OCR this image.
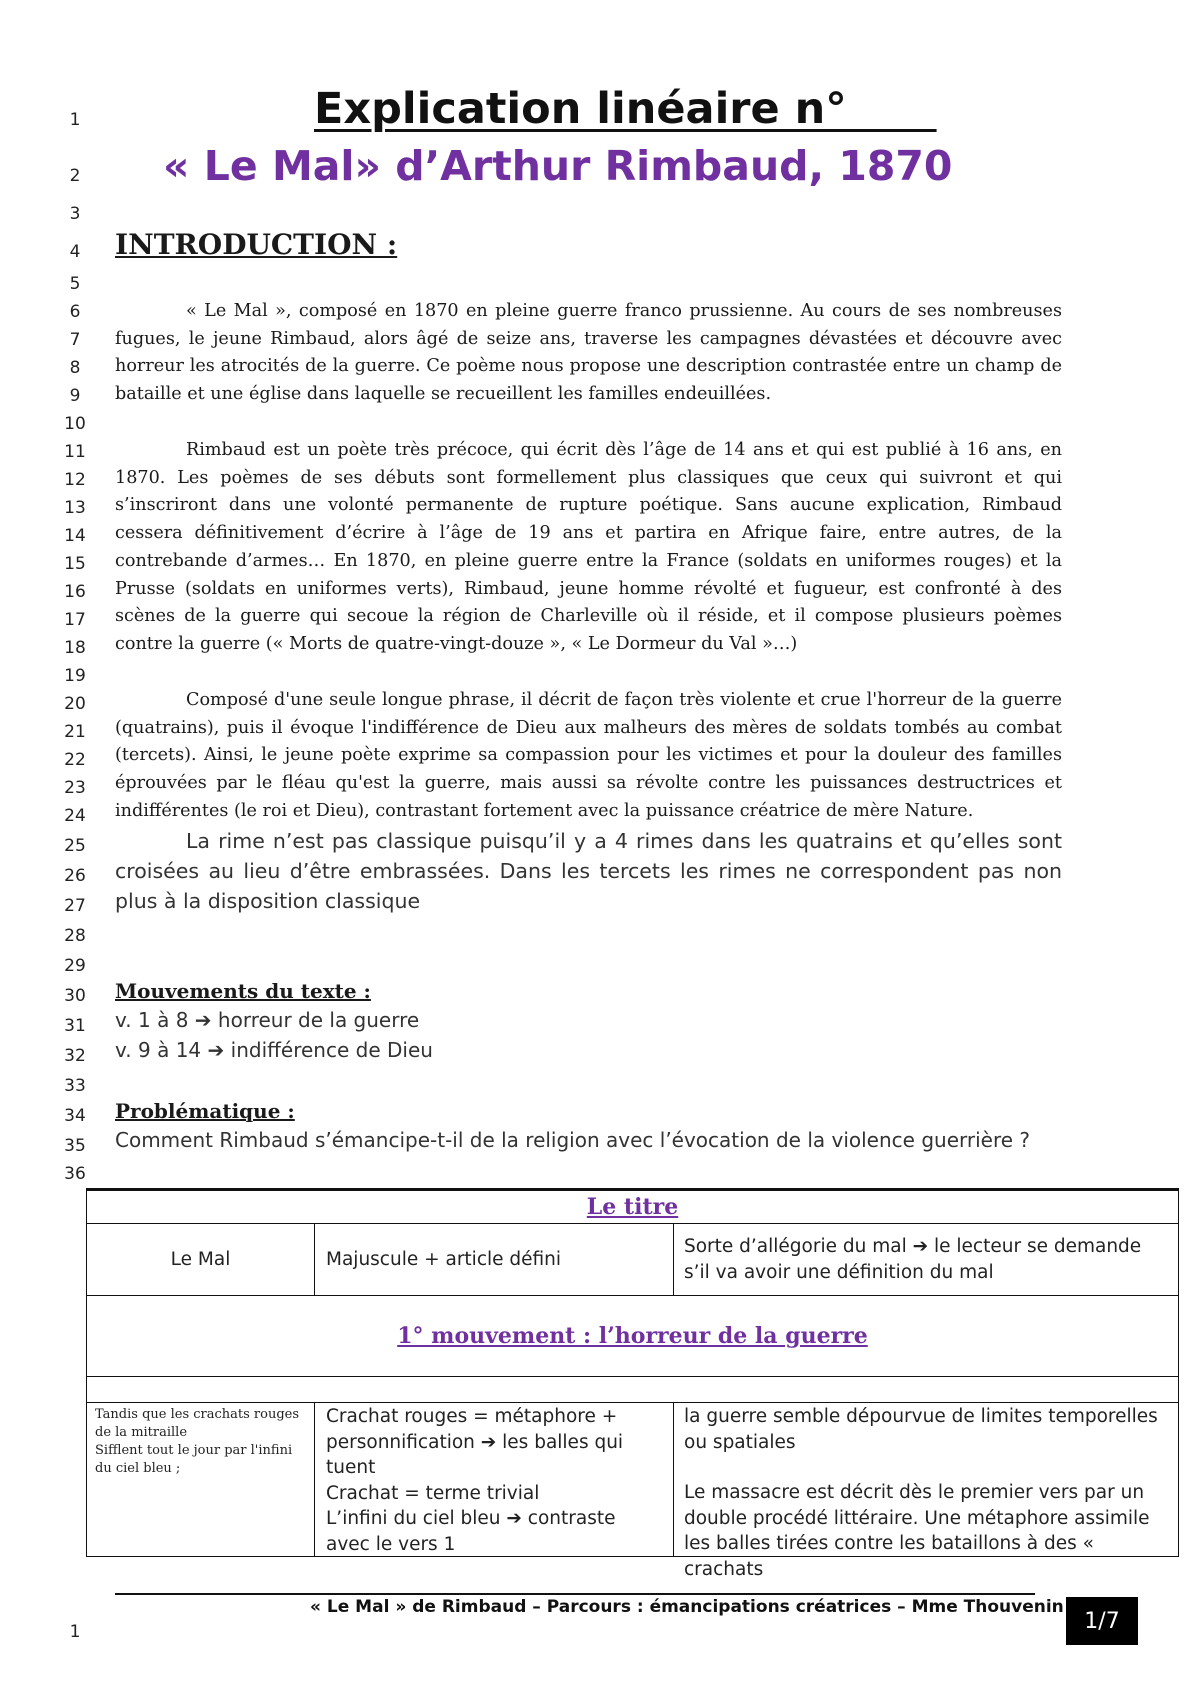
1
2
3
4
5
6
7
8
9
10
11
12
13
14
15
16
17
18
19
20
21
22
23
24
25
26
27
28
29
30
31
32
33
34
35
36
1
Explication linéaire n°
« Le Mal» d’Arthur Rimbaud, 1870
INTRODUCTION :

« Le Mal », composé en 1870 en pleine guerre franco prussienne. Au cours de ses nombreuses fugues, le jeune Rimbaud, alors âgé de seize ans, traverse les campagnes dévastées et découvre avec horreur les atrocités de la guerre. Ce poème nous propose une description contrastée entre un champ de bataille et une église dans laquelle se recueillent les familles endeuillées.

Rimbaud est un poète très précoce, qui écrit dès l’âge de 14 ans et qui est publié à 16 ans, en 1870. Les poèmes de ses débuts sont formellement plus classiques que ceux qui suivront et qui s’inscriront dans une volonté permanente de rupture poétique. Sans aucune explication, Rimbaud cessera définitivement d’écrire à l’âge de 19 ans et partira en Afrique faire, entre autres, de la contrebande d’armes… En 1870, en pleine guerre entre la France (soldats en uniformes rouges) et la Prusse (soldats en uniformes verts), Rimbaud, jeune homme révolté et fugueur, est confronté à des scènes de la guerre qui secoue la région de Charleville où il réside, et il compose plusieurs poèmes contre la guerre (« Morts de quatre-vingt-douze », « Le Dormeur du Val »…)

Composé d'une seule longue phrase, il décrit de façon très violente et crue l'horreur de la guerre (quatrains), puis il évoque l'indifférence de Dieu aux malheurs des mères de soldats tombés au combat (tercets). Ainsi, le jeune poète exprime sa compassion pour les victimes et pour la douleur des familles éprouvées par le fléau qu'est la guerre, mais aussi sa révolte contre les puissances destructrices et indifférentes (le roi et Dieu), contrastant fortement avec la puissance créatrice de mère Nature.

La rime n’est pas classique puisqu’il y a 4 rimes dans les quatrains et qu’elles sont croisées au lieu d’être embrassées. Dans les tercets les rimes ne correspondent pas non plus à la disposition classique

Mouvements du texte :
v. 1 à 8 ➔ horreur de la guerre
v. 9 à 14 ➔ indifférence de Dieu
Problématique :
Comment Rimbaud s’émancipe-t-il de la religion avec l’évocation de la violence guerrière ?
Le titre
Le Mal	Majuscule + article défini
Sorte d’allégorie du mal ➔ le lecteur se demande s’il va avoir une définition du mal
1° mouvement : l’horreur de la guerre
Tandis que les crachats rouges
de la mitraille
Sifflent tout le jour par l'infini
du ciel bleu ;
Crachat rouges = métaphore +
personnification ➔ les balles qui
tuent
Crachat = terme trivial
L’infini du ciel bleu ➔ contraste
avec le vers 1
la guerre semble dépourvue de limites temporelles ou spatiales
Le massacre est décrit dès le premier vers par un double procédé littéraire. Une métaphore assimile les balles tirées contre les bataillons à des « crachats
« Le Mal » de Rimbaud – Parcours : émancipations créatrices – Mme Thouvenin
1/7
